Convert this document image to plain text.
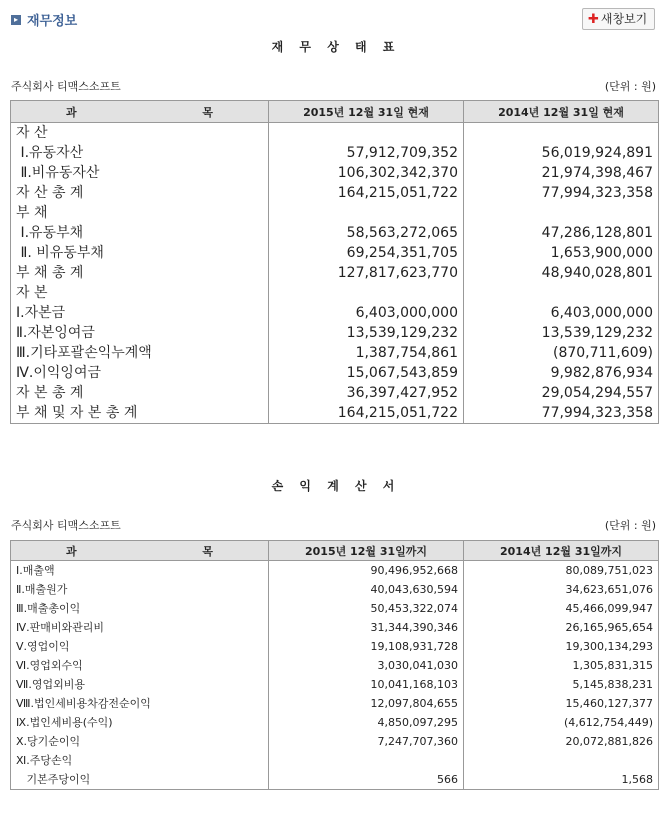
▸ 재무정보	✚ 새창보기
재 무 상 태 표
주식회사 티맥스소프트	(단위 : 원)
과 목	2015년 12월 31일 현재	2014년 12월 31일 현재
자 산		
Ⅰ.유동자산	57,912,709,352	56,019,924,891
Ⅱ.비유동자산	106,302,342,370	21,974,398,467
자 산 총 계	164,215,051,722	77,994,323,358
부 채		
Ⅰ.유동부채	58,563,272,065	47,286,128,801
Ⅱ. 비유동부채	69,254,351,705	1,653,900,000
부 채 총 계	127,817,623,770	48,940,028,801
자 본		
Ⅰ.자본금	6,403,000,000	6,403,000,000
Ⅱ.자본잉여금	13,539,129,232	13,539,129,232
Ⅲ.기타포괄손익누계액	1,387,754,861	(870,711,609)
Ⅳ.이익잉여금	15,067,543,859	9,982,876,934
자 본 총 계	36,397,427,952	29,054,294,557
부 채 및 자 본 총 계	164,215,051,722	77,994,323,358
손 익 계 산 서
주식회사 티맥스소프트	(단위 : 원)
과 목	2015년 12월 31일까지	2014년 12월 31일까지
Ⅰ.매출액	90,496,952,668	80,089,751,023
Ⅱ.매출원가	40,043,630,594	34,623,651,076
Ⅲ.매출총이익	50,453,322,074	45,466,099,947
Ⅳ.판매비와관리비	31,344,390,346	26,165,965,654
Ⅴ.영업이익	19,108,931,728	19,300,134,293
Ⅵ.영업외수익	3,030,041,030	1,305,831,315
Ⅶ.영업외비용	10,041,168,103	5,145,838,231
Ⅷ.법인세비용차감전순이익	12,097,804,655	15,460,127,377
Ⅸ.법인세비용(수익)	4,850,097,295	(4,612,754,449)
Ⅹ.당기순이익	7,247,707,360	20,072,881,826
Ⅺ.주당손익		
기본주당이익	566	1,568
